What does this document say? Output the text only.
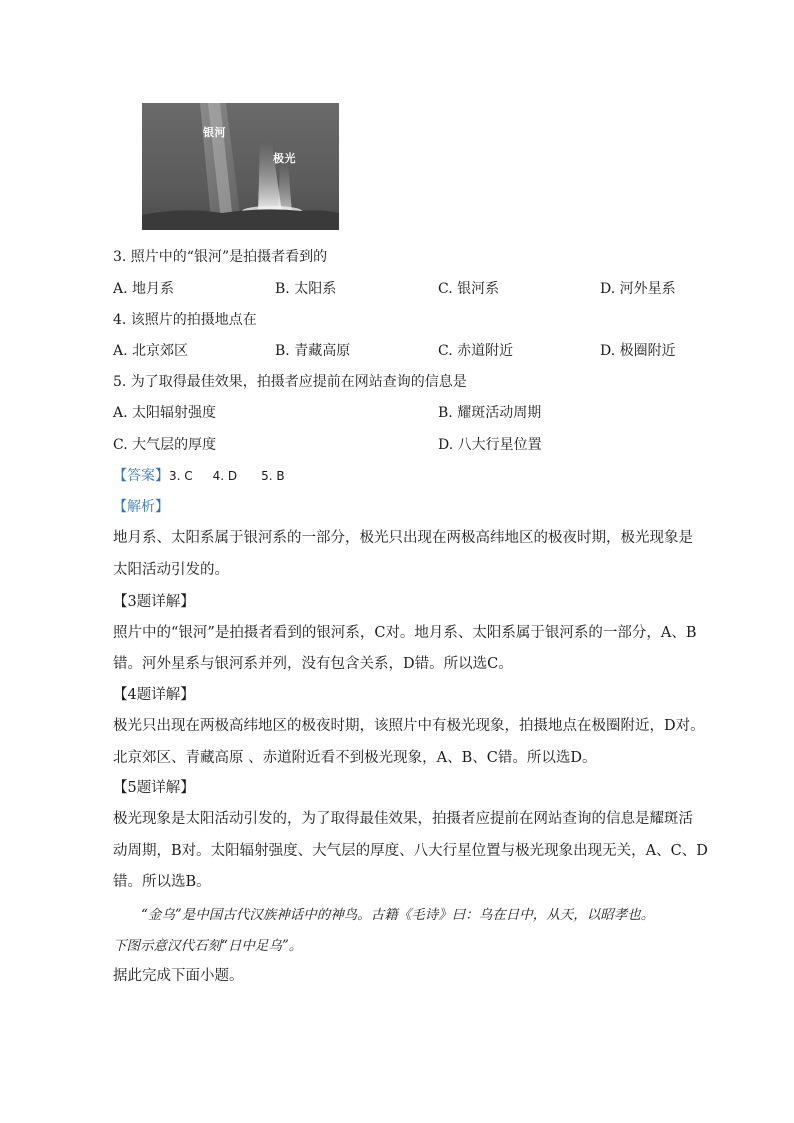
银河
极光
3. 照片中的“银河”是拍摄者看到的
A. 地月系	B. 太阳系	C. 银河系	D. 河外星系
4. 该照片的拍摄地点在
A. 北京郊区	B. 青藏高原	C. 赤道附近	D. 极圈附近
5. 为了取得最佳效果，拍摄者应提前在网站查询的信息是
A. 太阳辐射强度	B. 耀斑活动周期
C. 大气层的厚度	D. 八大行星位置
【答案】3. C 4. D 5. B
【解析】
地月系、太阳系属于银河系的一部分，极光只出现在两极高纬地区的极夜时期，极光现象是
太阳活动引发的。
【3题详解】
照片中的“银河”是拍摄者看到的银河系，C对。地月系、太阳系属于银河系的一部分，A、B
错。河外星系与银河系并列，没有包含关系，D错。所以选C。
【4题详解】
极光只出现在两极高纬地区的极夜时期，该照片中有极光现象，拍摄地点在极圈附近，D对。
北京郊区、青藏高原 、赤道附近看不到极光现象，A、B、C错。所以选D。
【5题详解】
极光现象是太阳活动引发的，为了取得最佳效果，拍摄者应提前在网站查询的信息是耀斑活
动周期，B对。太阳辐射强度、大气层的厚度、八大行星位置与极光现象出现无关，A、C、D
错。所以选B。
“金乌”是中国古代汉族神话中的神鸟。古籍《毛诗》曰：乌在日中，从天，以昭孝也。
下图示意汉代石刻“日中足乌”。
据此完成下面小题。
